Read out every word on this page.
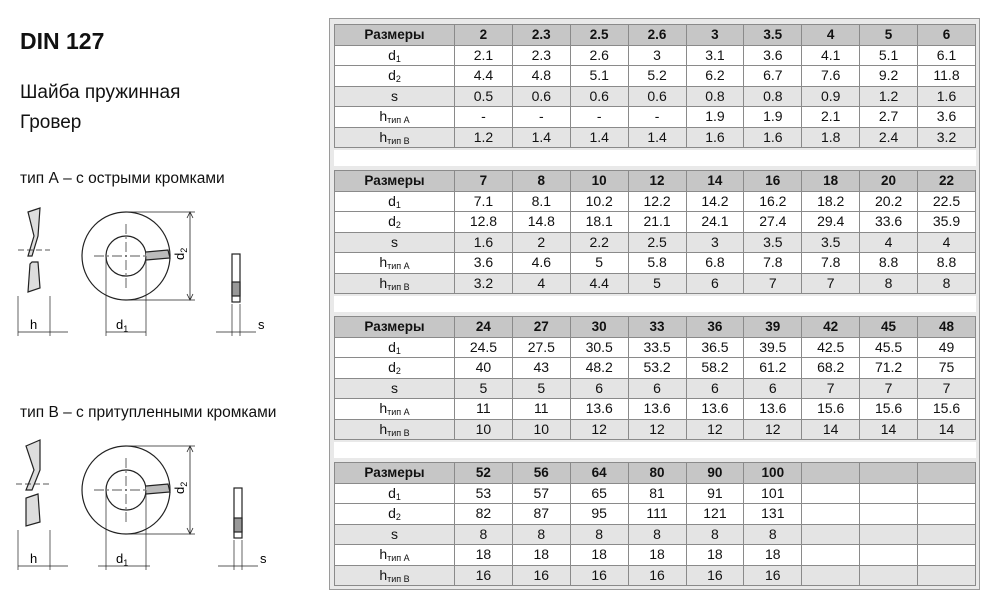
DIN 127
Шайба пружинная
Гровер
тип А – с острыми кромками
тип В – с притупленными кромками
$d_2$
$d_1$
h	s
$d_2$
$d_1$
h	s
Размеры	2	2.3	2.5	2.6	3	3.5	4	5	6
$d_1$	2.1	2.3	2.6	3	3.1	3.6	4.1	5.1	6.1
$d_2$	4.4	4.8	5.1	5.2	6.2	6.7	7.6	9.2	11.8
s	0.5	0.6	0.6	0.6	0.8	0.8	0.9	1.2	1.6
$h_{тип А}$	-	-	-	-	1.9	1.9	2.1	2.7	3.6
$h_{тип В}$	1.2	1.4	1.4	1.4	1.6	1.6	1.8	2.4	3.2
Размеры	7	8	10	12	14	16	18	20	22
$d_1$	7.1	8.1	10.2	12.2	14.2	16.2	18.2	20.2	22.5
$d_2$	12.8	14.8	18.1	21.1	24.1	27.4	29.4	33.6	35.9
s	1.6	2	2.2	2.5	3	3.5	3.5	4	4
$h_{тип А}$	3.6	4.6	5	5.8	6.8	7.8	7.8	8.8	8.8
$h_{тип В}$	3.2	4	4.4	5	6	7	7	8	8
Размеры	24	27	30	33	36	39	42	45	48
$d_1$	24.5	27.5	30.5	33.5	36.5	39.5	42.5	45.5	49
$d_2$	40	43	48.2	53.2	58.2	61.2	68.2	71.2	75
s	5	5	6	6	6	6	7	7	7
$h_{тип А}$	11	11	13.6	13.6	13.6	13.6	15.6	15.6	15.6
$h_{тип В}$	10	10	12	12	12	12	14	14	14
Размеры	52	56	64	80	90	100			
$d_1$	53	57	65	81	91	101			
$d_2$	82	87	95	111	121	131			
s	8	8	8	8	8	8			
$h_{тип А}$	18	18	18	18	18	18			
$h_{тип В}$	16	16	16	16	16	16			
